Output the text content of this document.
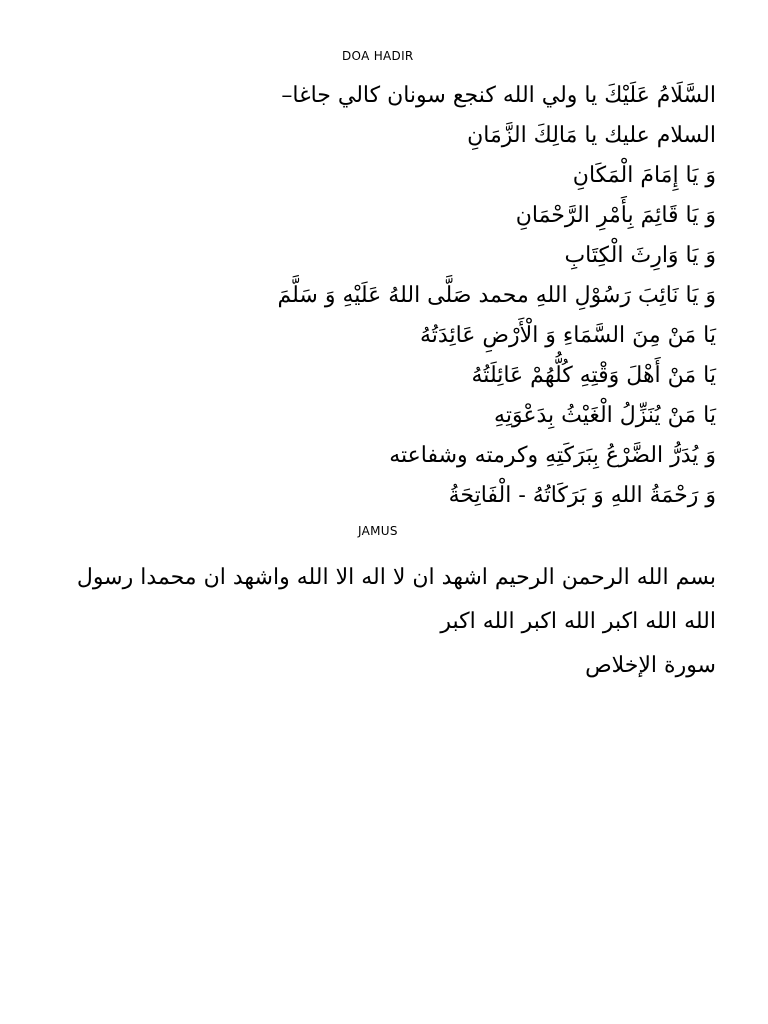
DOA HADIR
السَّلَامُ عَلَيْكَ يا ولي الله كنجع سونان كالي جاغا–
السلام عليك يا مَالِكَ الزَّمَانِ
وَ يَا إِمَامَ الْمَكَانِ
وَ يَا قَائِمَ بِأَمْرِ الرَّحْمَانِ
وَ يَا وَارِثَ الْكِتَابِ
وَ يَا نَائِبَ رَسُوْلِ اللهِ محمد صَلَّى اللهُ عَلَيْهِ وَ سَلَّمَ
يَا مَنْ مِنَ السَّمَاءِ وَ الْأَرْضِ عَائِدَتُهُ
يَا مَنْ أَهْلَ وَقْتِهِ كُلُّهُمْ عَائِلَتُهُ
يَا مَنْ يُنَزِّلُ الْغَيْثُ بِدَعْوَتِهِ
وَ يُدَرُّ الضَّرْعُ بِبَرَكَتِهِ وكرمته وشفاعته
وَ رَحْمَةُ اللهِ وَ بَرَكَاتُهُ - الْفَاتِحَةُ
JAMUS
بسم الله الرحمن الرحيم اشهد ان لا اله الا الله واشهد ان محمدا رسول الله الله اكبر الله اكبر الله اكبر
سورة الإخلاص
